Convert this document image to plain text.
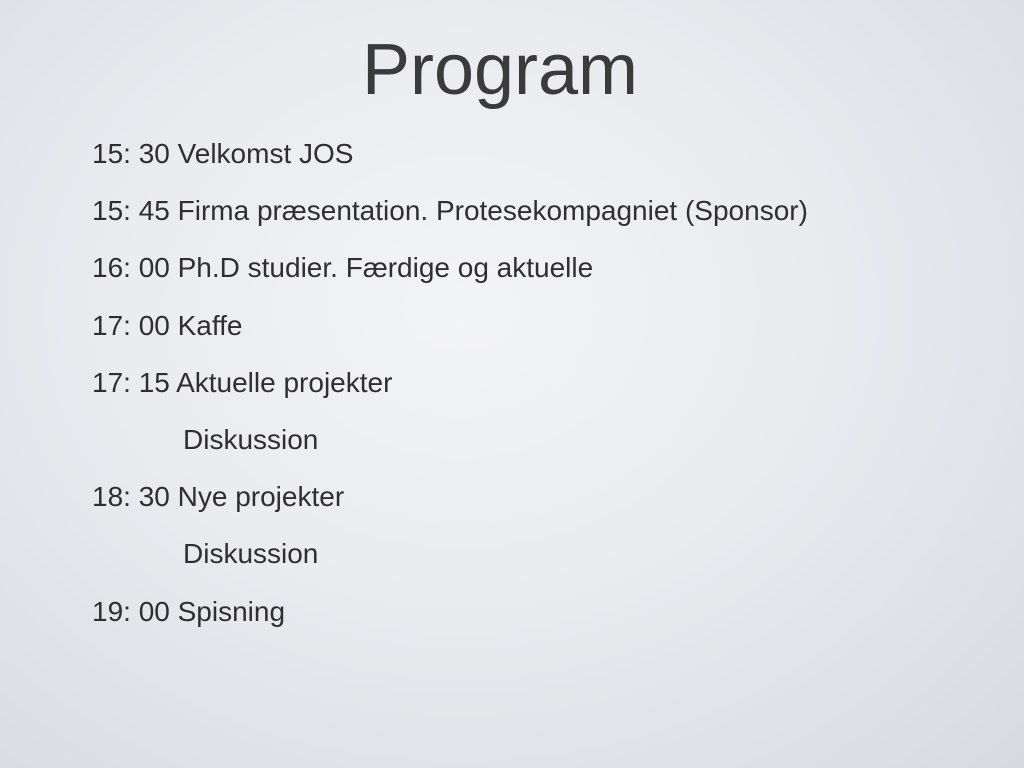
Program
15: 30 Velkomst JOS
15: 45 Firma præsentation. Protesekompagniet (Sponsor)
16: 00 Ph.D studier. Færdige og aktuelle
17: 00 Kaffe
17: 15 Aktuelle projekter
Diskussion
18: 30 Nye projekter
Diskussion
19: 00 Spisning
